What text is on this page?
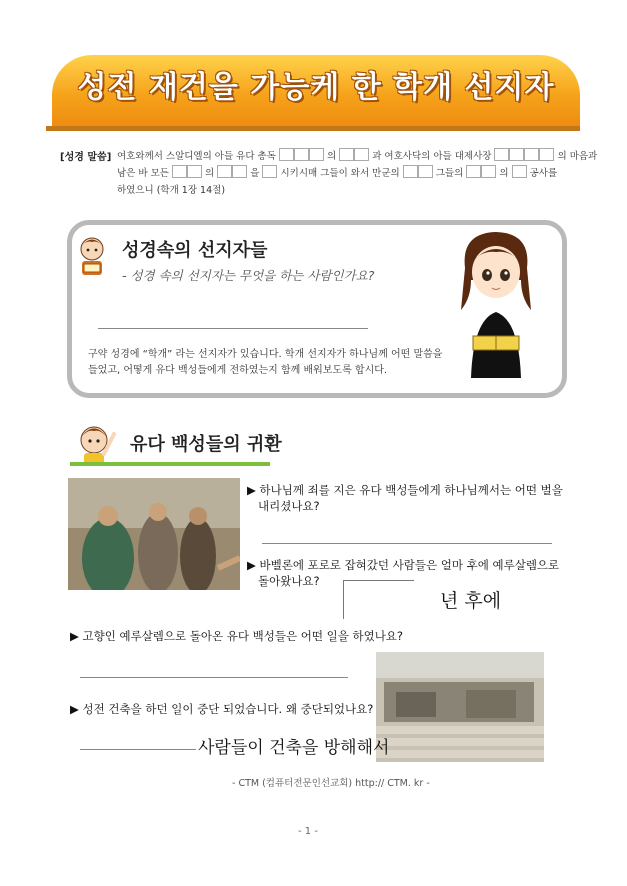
성전 재건을 가능케 한 학개 선지자
[성경 말씀] 여호와께서 스알디엘의 아들 유다 총독	의	과 여호사닥의 아들 대제사장	의 마음과
남은 바 모든	의	을 시키시매 그들이 와서 만군의	그들의	의 공사를
하였으니 (학개 1장 14절)
성경속의 선지자들
- 성경 속의 선지자는 무엇을 하는 사람인가요?
구약 성경에 “학개” 라는 선지자가 있습니다. 학개 선지자가 하나님께 어떤 말씀을
들었고, 어떻게 유다 백성들에게 전하였는지 함께 배워보도록 합시다.
유다 백성들의 귀환
▶ 하나님께 죄를 지은 유다 백성들에게 하나님께서는 어떤 벌을
내리셨나요?
▶ 바벨론에 포로로 잡혀갔던 사람들은 얼마 후에 예루살렘으로
돌아왔나요?
년 후에
▶ 고향인 예루살렘으로 돌아온 유다 백성들은 어떤 일을 하였나요?
▶ 성전 건축을 하던 일이 중단 되었습니다. 왜 중단되었나요?
사람들이 건축을 방해해서
- CTM (컴퓨터전문인선교회) http:// CTM. kr -
- 1 -
